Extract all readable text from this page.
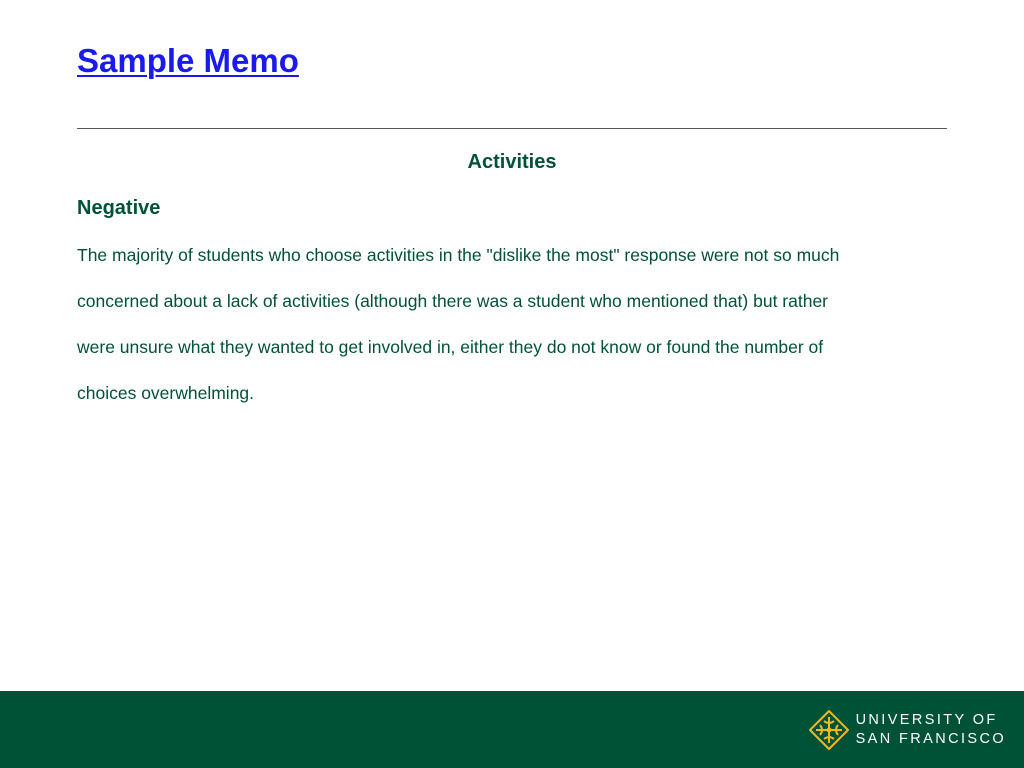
Sample Memo
Activities
Negative

The majority of students who choose activities in the "dislike the most" response were not so much
concerned about a lack of activities (although there was a student who mentioned that) but rather
were unsure what they wanted to get involved in, either they do not know or found the number of
choices overwhelming.

UNIVERSITY OF
SAN FRANCISCO
